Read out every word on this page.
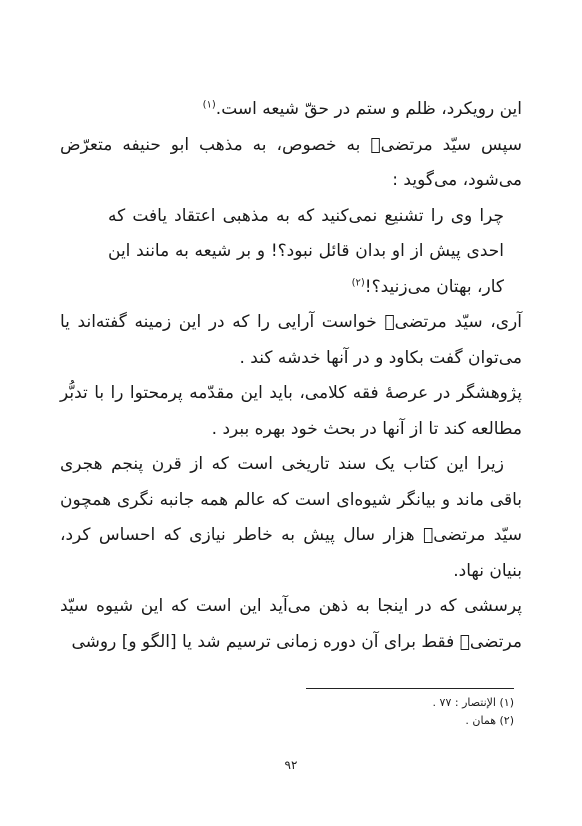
این رویکرد، ظلم و ستم در حقّ شیعه است.$^{(۱)}$

سپس سیّد مرتضیؒ به خصوص، به مذهب ابو حنیفه متعرّض می‌شود، می‌گوید :

چرا وی را تشنیع نمی‌کنید که به مذهبی اعتقاد یافت که احدی پیش از او بدان قائل نبود؟! و بر شیعه به مانند این کار، بهتان می‌زنید؟!$^{(۲)}$

آری، سیّد مرتضیؒ خواست آرایی را که در این زمینه گفته‌اند یا می‌توان گفت بکاود و در آنها خدشه کند .

پژوهشگر در عرصهٔ فقه کلامی، باید این مقدّمه پرمحتوا را با تدبُّر مطالعه کند تا از آنها در بحث خود بهره ببرد .

زیرا این کتاب یک سند تاریخی است که از قرن پنجم هجری باقی ماند و بیانگر شیوه‌ای است که عالم همه جانبه نگری همچون سیّد مرتضیؒ هزار سال پیش به خاطر نیازی که احساس کرد، بنیان نهاد.

پرسشی که در اینجا به ذهن می‌آید این است که این شیوه سیّد مرتضیؒ فقط برای آن دوره زمانی ترسیم شد یا [الگو و] روشی

(۱) الإنتصار : ۷۷ .
(۲) همان .
۹۲
